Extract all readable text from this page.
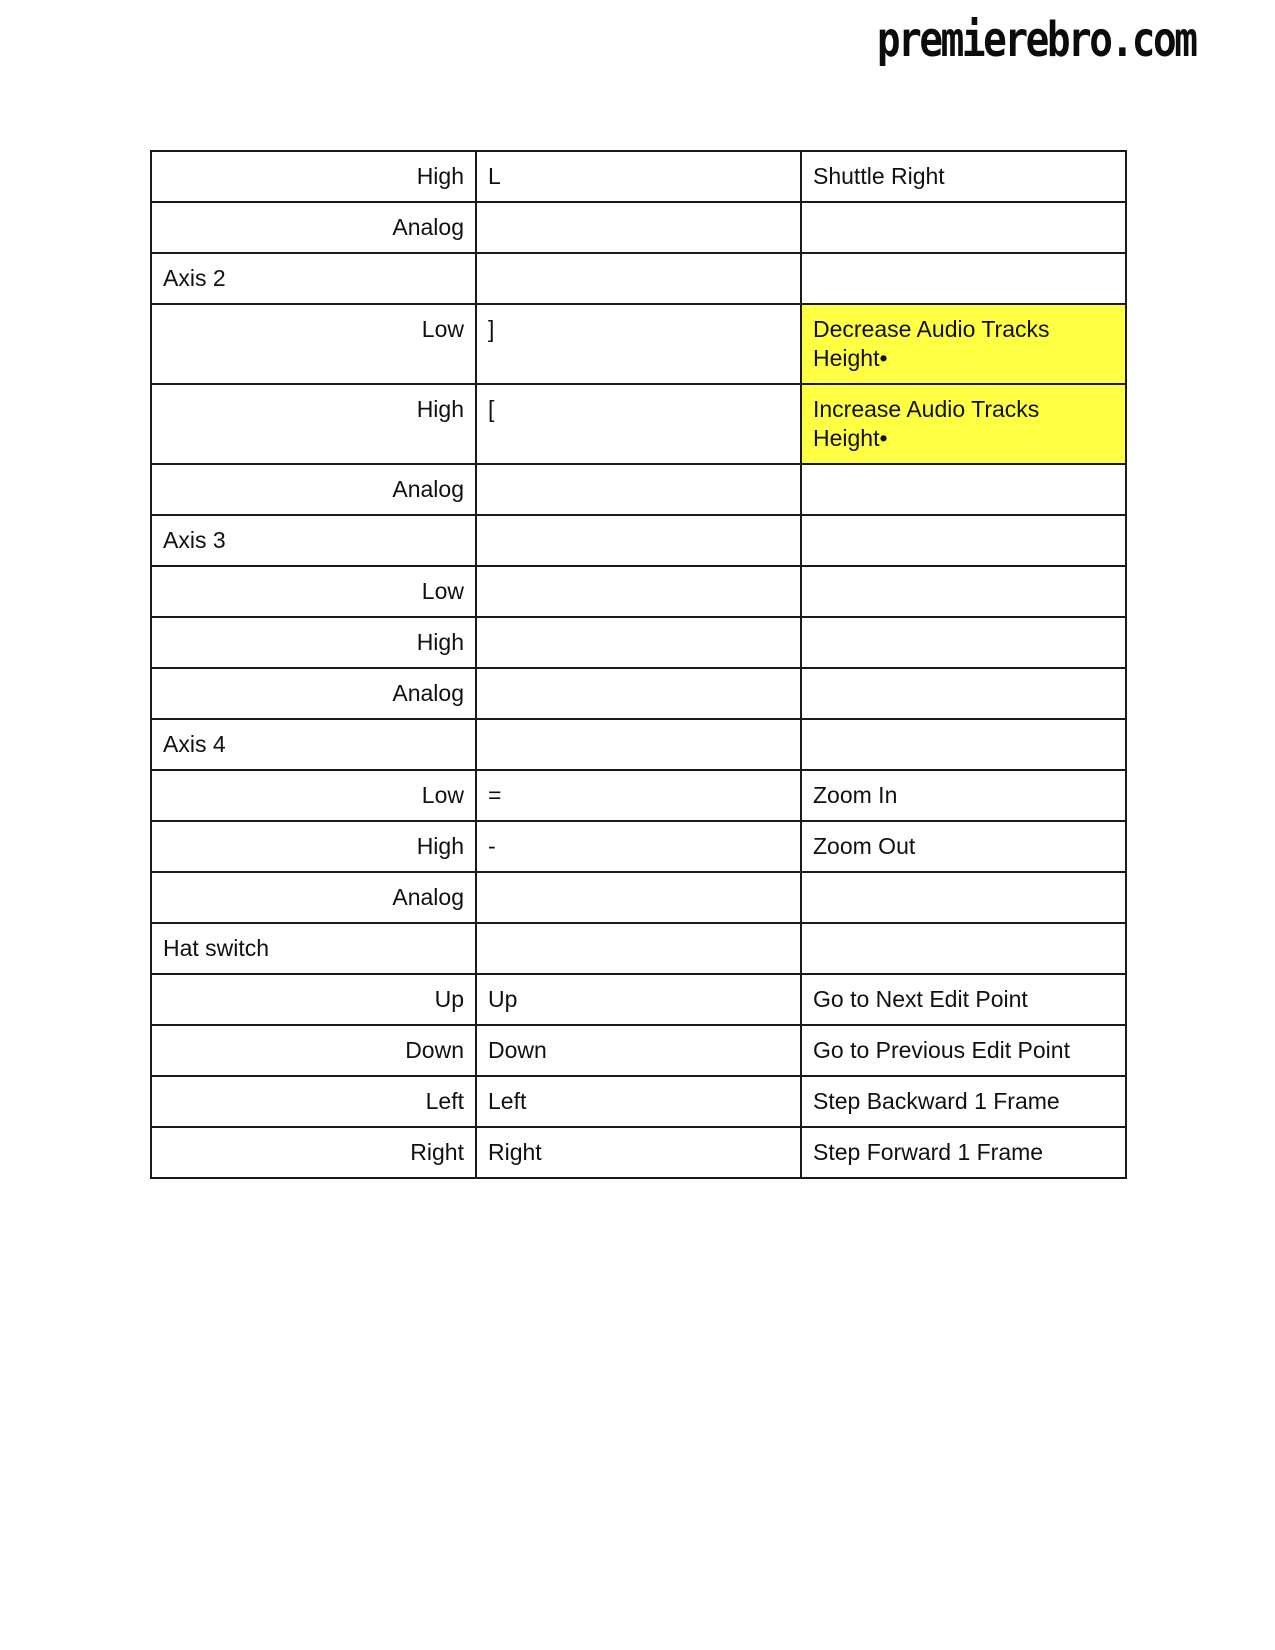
premierebro.com
High	L	Shuttle Right
Analog		
Axis 2		
Low	]	Decrease Audio Tracks Height•
High	[	Increase Audio Tracks Height•
Analog		
Axis 3		
Low		
High		
Analog		
Axis 4		
Low	=	Zoom In
High	-	Zoom Out
Analog		
Hat switch		
Up	Up	Go to Next Edit Point
Down	Down	Go to Previous Edit Point
Left	Left	Step Backward 1 Frame
Right	Right	Step Forward 1 Frame
